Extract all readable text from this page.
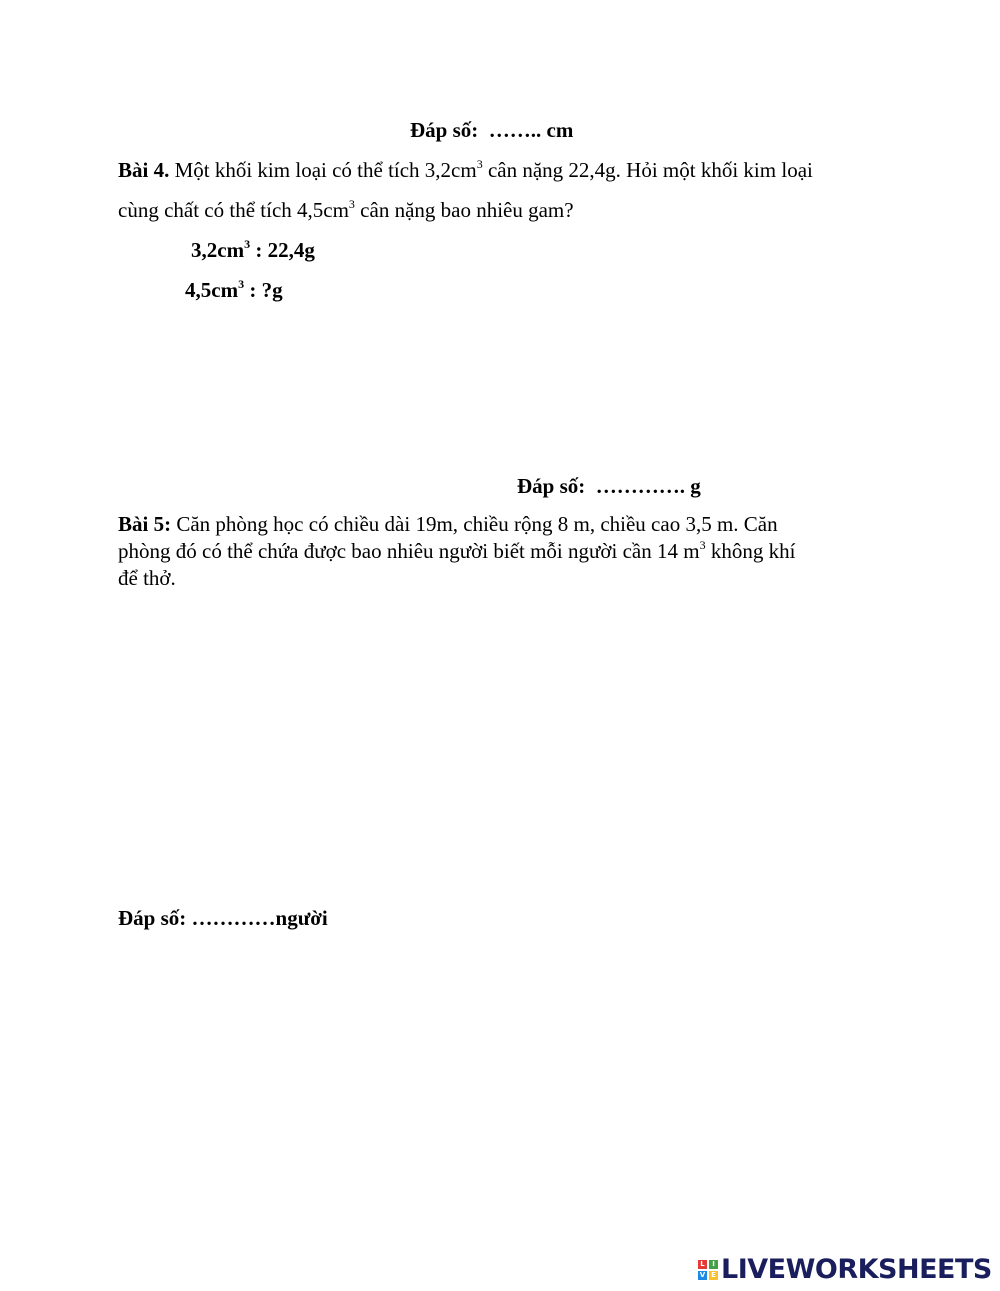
Đáp số: …….. cm
Bài 4. Một khối kim loại có thể tích $3,2cm^3$ cân nặng 22,4g. Hỏi một khối kim loại
cùng chất có thể tích $4,5cm^3$ cân nặng bao nhiêu gam?
$3,2cm^3$ : 22,4g
$4,5cm^3$ : ?g
Đáp số: …………. g
Bài 5: Căn phòng học có chiều dài 19m, chiều rộng 8 m, chiều cao 3,5 m. Căn
phòng đó có thể chứa được bao nhiêu người biết mỗi người cần 14 $m^3$ không khí
để thở.
Đáp số: …………người
L	I
V E LIVEWORKSHEETS
